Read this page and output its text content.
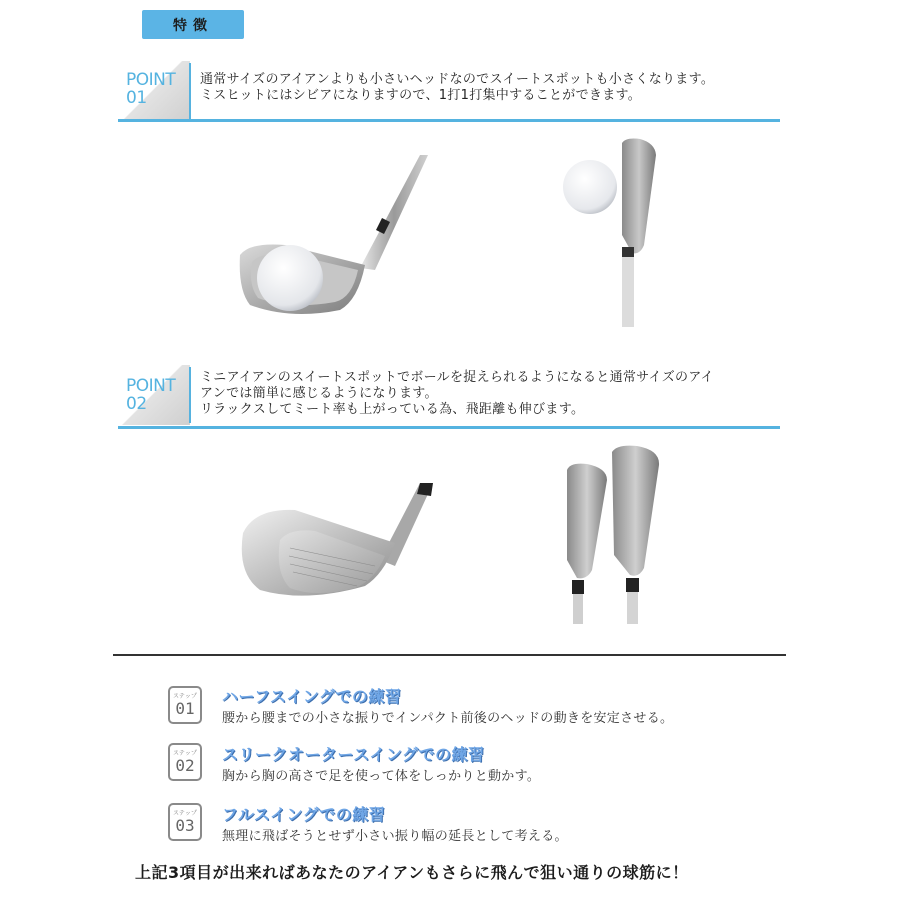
特徴
POINT
01
通常サイズのアイアンよりも小さいヘッドなのでスイートスポットも小さくなります。
ミスヒットにはシビアになりますので、1打1打集中することができます。
POINT
02
ミニアイアンのスイートスポットでボールを捉えられるようになると通常サイズのアイ
アンでは簡単に感じるようになります。
リラックスしてミート率も上がっている為、飛距離も伸びます。
ステップ
01
ハーフスイングでの練習
腰から腰までの小さな振りでインパクト前後のヘッドの動きを安定させる。
ステップ
02
スリークオータースイングでの練習
胸から胸の高さで足を使って体をしっかりと動かす。
ステップ
03
フルスイングでの練習
無理に飛ばそうとせず小さい振り幅の延長として考える。
上記3項目が出来ればあなたのアイアンもさらに飛んで狙い通りの球筋に！
